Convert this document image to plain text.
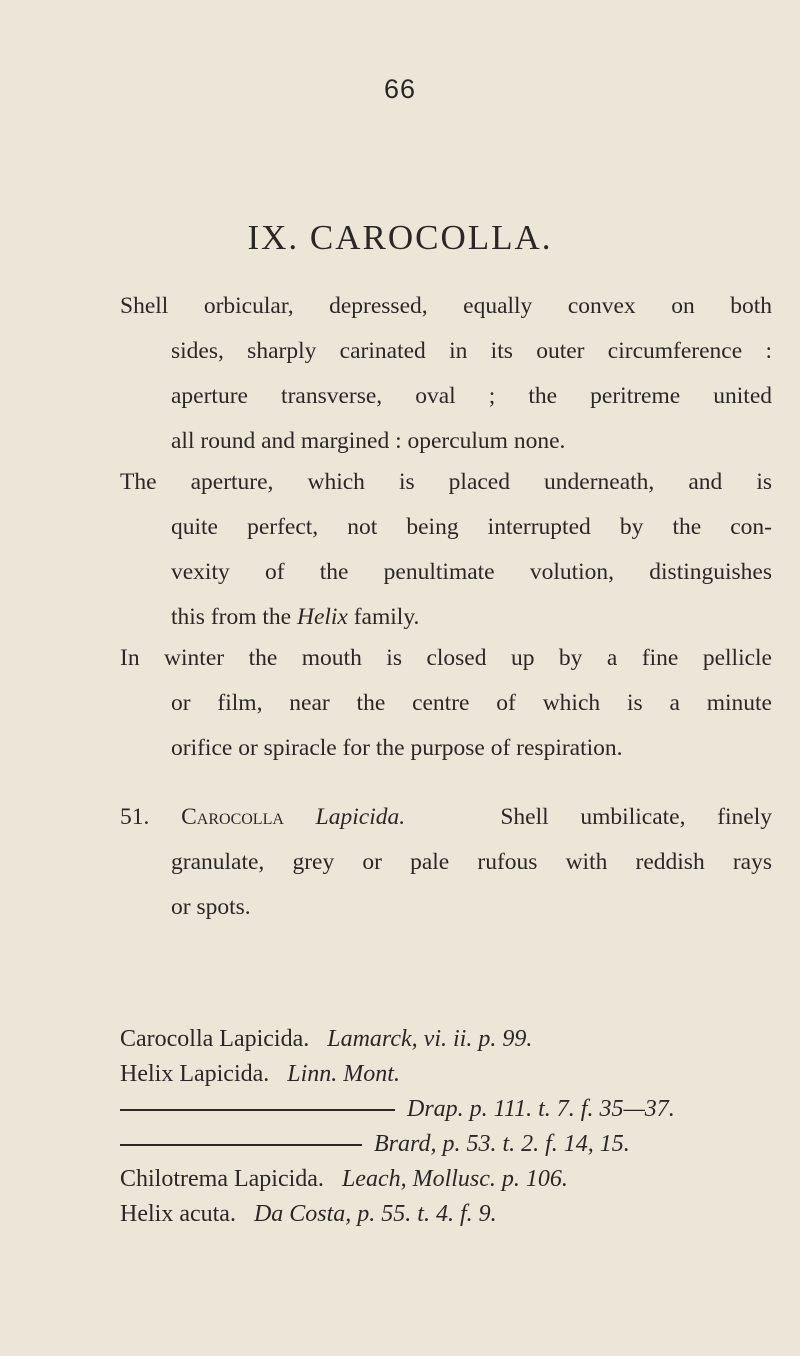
66
IX. CAROCOLLA.
Shell orbicular, depressed, equally convex on both
sides, sharply carinated in its outer circumference :
aperture transverse, oval ; the peritreme united
all round and margined : operculum none.
The aperture, which is placed underneath, and is
quite perfect, not being interrupted by the con-
vexity of the penultimate volution, distinguishes
this from the Helix family.
In winter the mouth is closed up by a fine pellicle
or film, near the centre of which is a minute
orifice or spiracle for the purpose of respiration.
51. Carocolla Lapicida.	Shell umbilicate, finely
granulate, grey or pale rufous with reddish rays
or spots.
Carocolla Lapicida. Lamarck, vi. ii. p. 99.
Helix Lapicida. Linn. Mont.
Drap. p. 111. t. 7. f. 35—37.
Brard, p. 53. t. 2. f. 14, 15.
Chilotrema Lapicida. Leach, Mollusc. p. 106.
Helix acuta. Da Costa, p. 55. t. 4. f. 9.
